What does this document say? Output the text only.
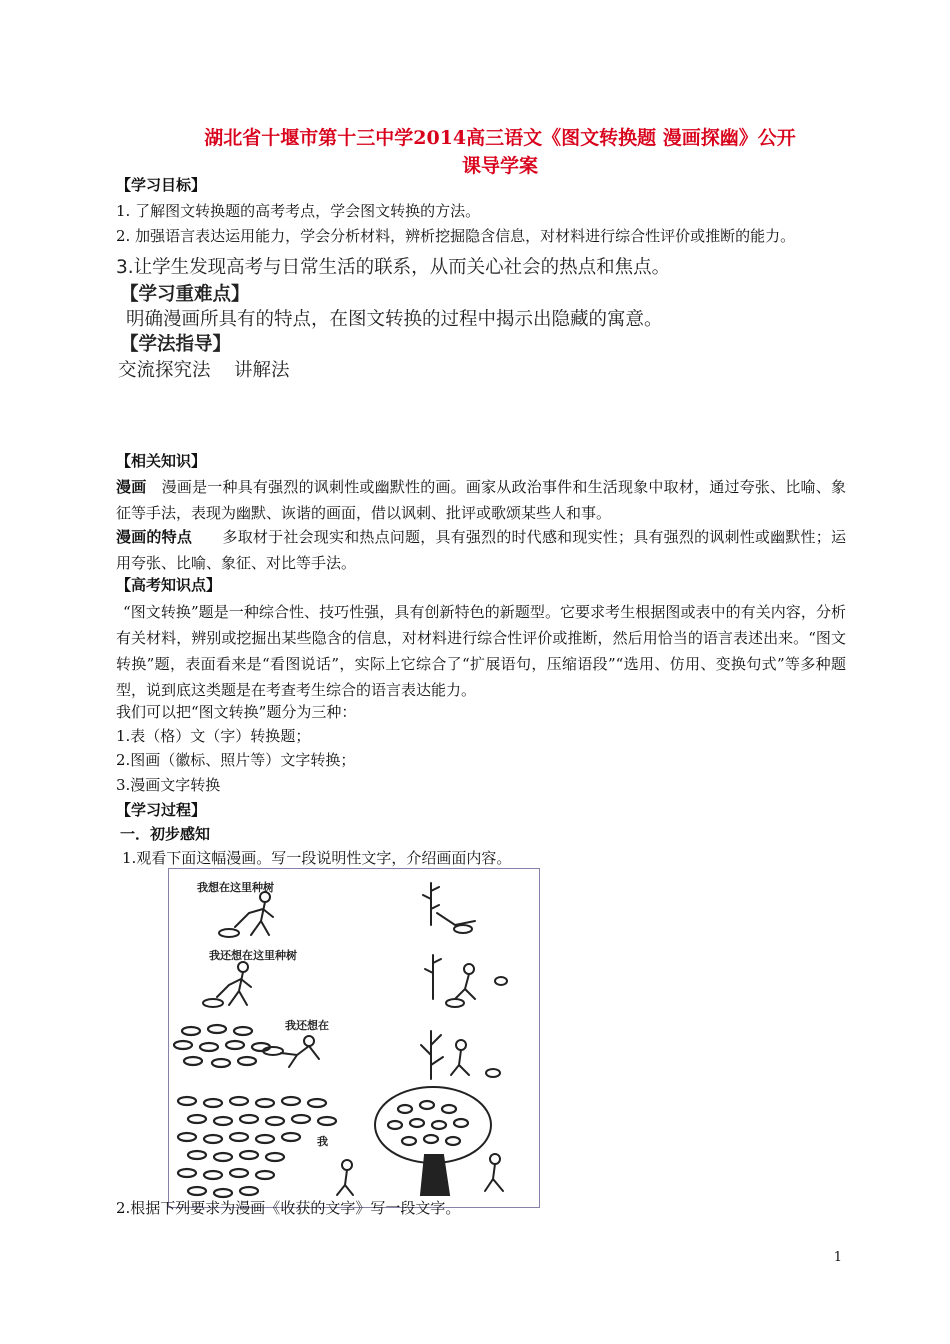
湖北省十堰市第十三中学2014高三语文《图文转换题 漫画探幽》公开
课导学案
【学习目标】
1. 了解图文转换题的高考考点，学会图文转换的方法。
2. 加强语言表达运用能力，学会分析材料，辨析挖掘隐含信息，对材料进行综合性评价或推断的能力。
3.让学生发现高考与日常生活的联系，从而关心社会的热点和焦点。
【学习重难点】
明确漫画所具有的特点，在图文转换的过程中揭示出隐藏的寓意。
【学法指导】
交流探究法    讲解法
【相关知识】
漫画　 漫画是一种具有强烈的讽刺性或幽默性的画。画家从政治事件和生活现象中取材，通过夸张、比喻、象征等手法，表现为幽默、诙谐的画面，借以讽刺、批评或歌颂某些人和事。
漫画的特点　　 多取材于社会现实和热点问题，具有强烈的时代感和现实性；具有强烈的讽刺性或幽默性；运用夸张、比喻、象征、对比等手法。
【高考知识点】
“图文转换”题是一种综合性、技巧性强，具有创新特色的新题型。它要求考生根据图或表中的有关内容，分析有关材料，辨别或挖掘出某些隐含的信息，对材料进行综合性评价或推断，然后用恰当的语言表述出来。“图文转换”题，表面看来是“看图说话”，实际上它综合了“扩展语句，压缩语段”“选用、仿用、变换句式”等多种题型，说到底这类题是在考查考生综合的语言表达能力。
我们可以把“图文转换”题分为三种：
1.表（格）文（字）转换题；
2.图画（徽标、照片等）文字转换；
3.漫画文字转换
【学习过程】
一．初步感知
1.观看下面这幅漫画。写一段说明性文字，介绍画面内容。
我想在这里种树
我还想在这里种树
我还想在
我
2.根据下列要求为漫画《收获的文字》写一段文字。
1
